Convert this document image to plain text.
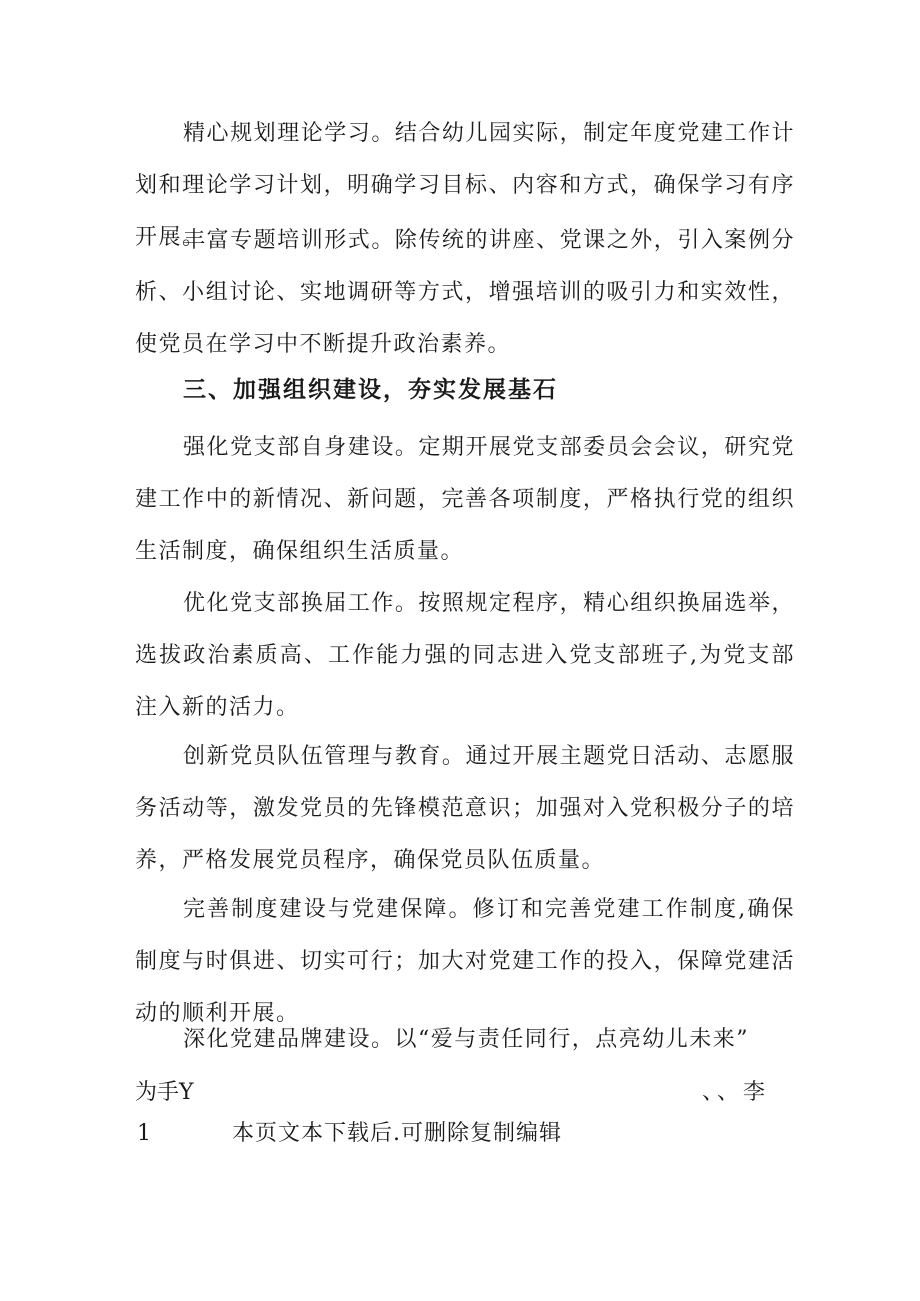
精心规划理论学习。结合幼儿园实际，制定年度党建工作计划和理论学习计划，明确学习目标、内容和方式，确保学习有序开展。

丰富专题培训形式。除传统的讲座、党课之外，引入案例分析、小组讨论、实地调研等方式，增强培训的吸引力和实效性，使党员在学习中不断提升政治素养。

三、加强组织建设，夯实发展基石

强化党支部自身建设。定期开展党支部委员会会议，研究党建工作中的新情况、新问题，完善各项制度，严格执行党的组织生活制度，确保组织生活质量。

优化党支部换届工作。按照规定程序，精心组织换届选举，选拔政治素质高、工作能力强的同志进入党支部班子,为党支部注入新的活力。

创新党员队伍管理与教育。通过开展主题党日活动、志愿服务活动等，激发党员的先锋模范意识；加强对入党积极分子的培养，严格发展党员程序，确保党员队伍质量。

完善制度建设与党建保障。修订和完善党建工作制度,确保制度与时俱进、切实可行；加大对党建工作的投入，保障党建活动的顺利开展。

深化党建品牌建设。以“爱与责任同行，点亮幼儿未来”

为手Y	、、李
1	本页文本下载后.可删除复制编辑
